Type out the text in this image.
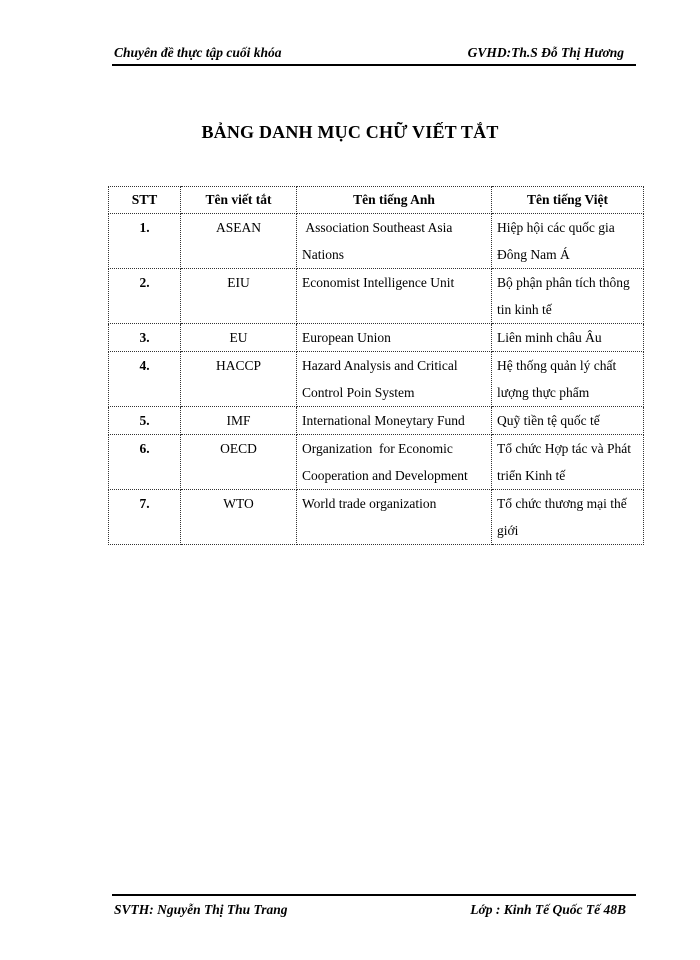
Chuyên đề thực tập cuối khóa	GVHD:Th.S Đỗ Thị Hương
BẢNG DANH MỤC CHỮ VIẾT TẮT
STT	Tên viết tắt	Tên tiếng Anh	Tên tiếng Việt
1.	ASEAN	Association Southeast Asia Nations	Hiệp hội các quốc gia Đông Nam Á
2.	EIU	Economist Intelligence Unit	Bộ phận phân tích thông tin kinh tế
3.	EU	European Union	Liên minh châu Âu
4.	HACCP	Hazard Analysis and Critical Control Poin System	Hệ thống quản lý chất lượng thực phẩm
5.	IMF	International Moneytary Fund	Quỹ tiền tệ quốc tế
6.	OECD	Organization  for Economic Cooperation and Development	Tổ chức Hợp tác và Phát triển Kinh tế
7.	WTO	World trade organization	Tổ chức thương mại thế giới
SVTH: Nguyễn Thị Thu Trang	Lớp : Kinh Tế Quốc Tế 48B
